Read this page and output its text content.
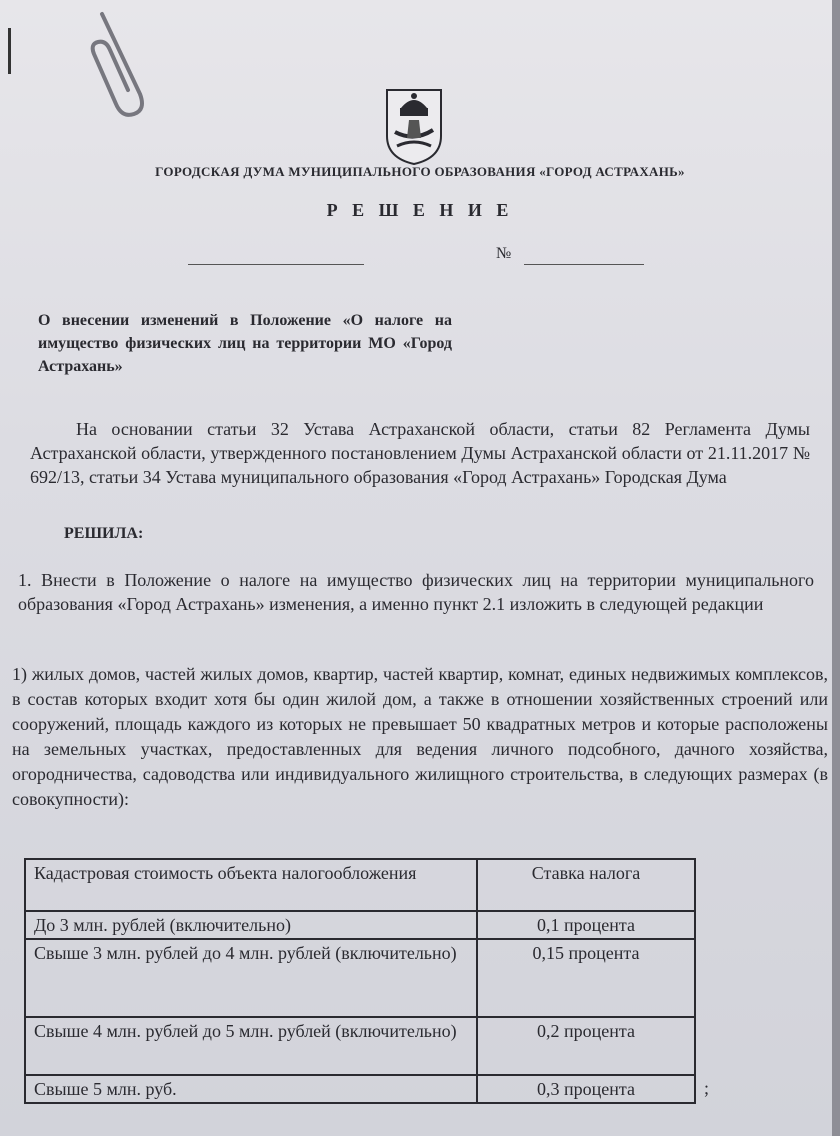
ГОРОДСКАЯ ДУМА МУНИЦИПАЛЬНОГО ОБРАЗОВАНИЯ «ГОРОД АСТРАХАНЬ»
Р Е Ш Е Н И Е
№
О внесении изменений в Положение «О налоге на имущество физических лиц на территории МО «Город Астрахань»
На основании статьи 32 Устава Астраханской области, статьи 82 Регламента Думы Астраханской области, утвержденного постановлением Думы Астраханской области от 21.11.2017 № 692/13, статьи 34 Устава муниципального образования «Город Астрахань» Городская Дума
РЕШИЛА:
1. Внести в Положение о налоге на имущество физических лиц на территории муниципального образования «Город Астрахань» изменения, а именно пункт 2.1 изложить в следующей редакции
1) жилых домов, частей жилых домов, квартир, частей квартир, комнат, единых недвижимых комплексов, в состав которых входит хотя бы один жилой дом, а также в отношении хозяйственных строений или сооружений, площадь каждого из которых не превышает 50 квадратных метров и которые расположены на земельных участках, предоставленных для ведения личного подсобного, дачного хозяйства, огородничества, садоводства или индивидуального жилищного строительства, в следующих размерах (в совокупности):
Кадастровая стоимость объекта налогообложения	Ставка налога
До 3 млн. рублей (включительно)	0,1 процента
Свыше 3 млн. рублей до 4 млн. рублей (включительно)	0,15 процента
Свыше 4 млн. рублей до 5 млн. рублей (включительно)	0,2 процента
Свыше 5 млн. руб.	0,3 процента	;
